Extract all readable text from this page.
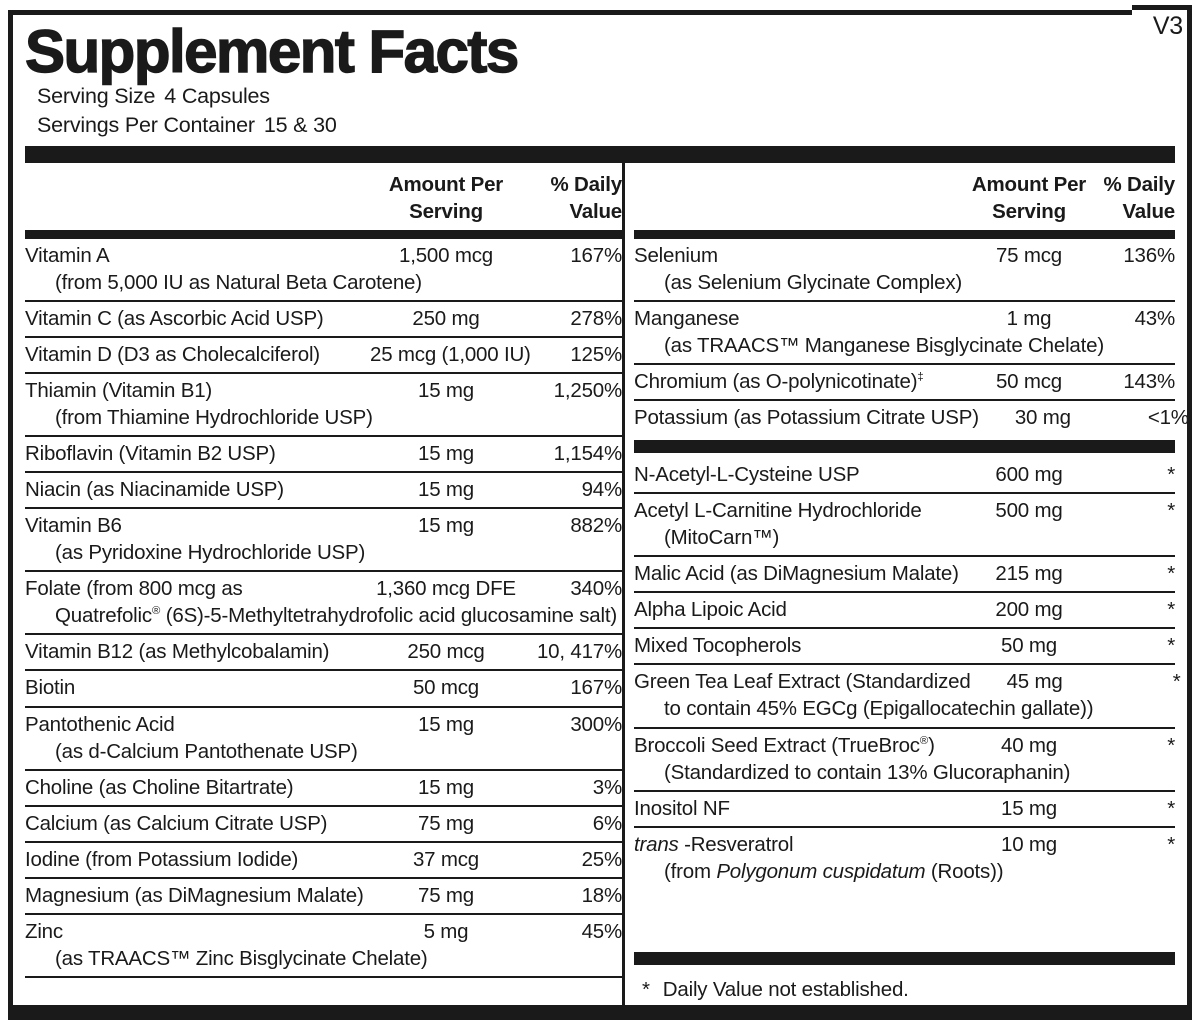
V3
Supplement Facts
Serving Size 4 Capsules
Servings Per Container 15 & 30
Amount Per
Serving
% Daily
Value
Vitamin A	1,500 mcg	167%
(from 5,000 IU as Natural Beta Carotene)
Vitamin C (as Ascorbic Acid USP)	250 mg	278%
Vitamin D (D3 as Cholecalciferol)	25 mcg (1,000 IU)	125%
Thiamin (Vitamin B1)	15 mg	1,250%
(from Thiamine Hydrochloride USP)
Riboflavin (Vitamin B2 USP)	15 mg	1,154%
Niacin (as Niacinamide USP)	15 mg	94%
Vitamin B6	15 mg	882%
(as Pyridoxine Hydrochloride USP)
Folate (from 800 mcg as	1,360 mcg DFE	340%
Quatrefolic® (6S)-5-Methyltetrahydrofolic acid glucosamine salt)
Vitamin B12 (as Methylcobalamin)	250 mcg	10, 417%
Biotin	50 mcg	167%
Pantothenic Acid	15 mg	300%
(as d-Calcium Pantothenate USP)
Choline (as Choline Bitartrate)	15 mg	3%
Calcium (as Calcium Citrate USP)	75 mg	6%
Iodine (from Potassium Iodide)	37 mcg	25%
Magnesium (as DiMagnesium Malate)	75 mg	18%
Zinc	5 mg	45%
(as TRAACS™ Zinc Bisglycinate Chelate)
Amount Per
Serving
% Daily
Value
Selenium	75 mcg	136%
(as Selenium Glycinate Complex)
Manganese	1 mg	43%
(as TRAACS™ Manganese Bisglycinate Chelate)
Chromium (as O-polynicotinate)‡	50 mcg	143%
Potassium (as Potassium Citrate USP)	30 mg	<1%
N-Acetyl-L-Cysteine USP	600 mg	*
Acetyl L-Carnitine Hydrochloride	500 mg	*
(MitoCarn™)
Malic Acid (as DiMagnesium Malate)	215 mg	*
Alpha Lipoic Acid	200 mg	*
Mixed Tocopherols	50 mg	*
Green Tea Leaf Extract (Standardized	45 mg	*
to contain 45% EGCg (Epigallocatechin gallate))
Broccoli Seed Extract (TrueBroc®)	40 mg	*
(Standardized to contain 13% Glucoraphanin)
Inositol NF	15 mg	*
trans -Resveratrol	10 mg	*
(from Polygonum cuspidatum (Roots))
* Daily Value not established.
